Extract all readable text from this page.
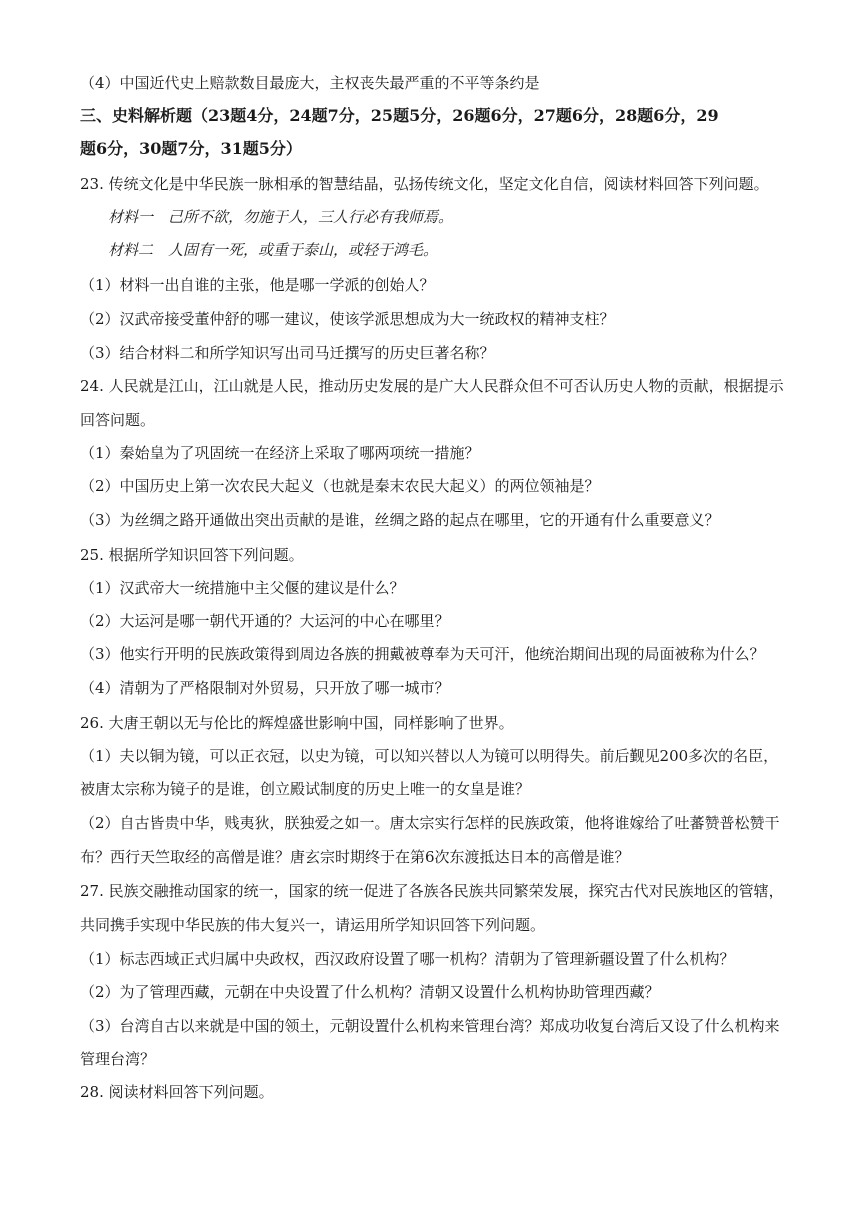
（4）中国近代史上赔款数目最庞大，主权丧失最严重的不平等条约是
三、史料解析题（23题4分，24题7分，25题5分，26题6分，27题6分，28题6分，29
题6分，30题7分，31题5分）
23. 传统文化是中华民族一脉相承的智慧结晶，弘扬传统文化，坚定文化自信，阅读材料回答下列问题。
材料一　己所不欲，勿施于人，三人行必有我师焉。
材料二　人固有一死，或重于泰山，或轻于鸿毛。
（1）材料一出自谁的主张，他是哪一学派的创始人？
（2）汉武帝接受董仲舒的哪一建议，使该学派思想成为大一统政权的精神支柱？
（3）结合材料二和所学知识写出司马迁撰写的历史巨著名称？
24. 人民就是江山，江山就是人民，推动历史发展的是广大人民群众但不可否认历史人物的贡献，根据提示
回答问题。
（1）秦始皇为了巩固统一在经济上采取了哪两项统一措施？
（2）中国历史上第一次农民大起义（也就是秦末农民大起义）的两位领袖是？
（3）为丝绸之路开通做出突出贡献的是谁，丝绸之路的起点在哪里，它的开通有什么重要意义？
25. 根据所学知识回答下列问题。
（1）汉武帝大一统措施中主父偃的建议是什么？
（2）大运河是哪一朝代开通的？大运河的中心在哪里？
（3）他实行开明的民族政策得到周边各族的拥戴被尊奉为天可汗，他统治期间出现的局面被称为什么？
（4）清朝为了严格限制对外贸易，只开放了哪一城市？
26. 大唐王朝以无与伦比的辉煌盛世影响中国，同样影响了世界。
（1）夫以铜为镜，可以正衣冠，以史为镜，可以知兴替以人为镜可以明得失。前后觐见200多次的名臣，
被唐太宗称为镜子的是谁，创立殿试制度的历史上唯一的女皇是谁？
（2）自古皆贵中华，贱夷狄，朕独爱之如一。唐太宗实行怎样的民族政策，他将谁嫁给了吐蕃赞普松赞干
布？西行天竺取经的高僧是谁？唐玄宗时期终于在第6次东渡抵达日本的高僧是谁？
27. 民族交融推动国家的统一，国家的统一促进了各族各民族共同繁荣发展，探究古代对民族地区的管辖，
共同携手实现中华民族的伟大复兴一，请运用所学知识回答下列问题。
（1）标志西域正式归属中央政权，西汉政府设置了哪一机构？清朝为了管理新疆设置了什么机构？
（2）为了管理西藏，元朝在中央设置了什么机构？清朝又设置什么机构协助管理西藏？
（3）台湾自古以来就是中国的领土，元朝设置什么机构来管理台湾？郑成功收复台湾后又设了什么机构来
管理台湾？
28. 阅读材料回答下列问题。
